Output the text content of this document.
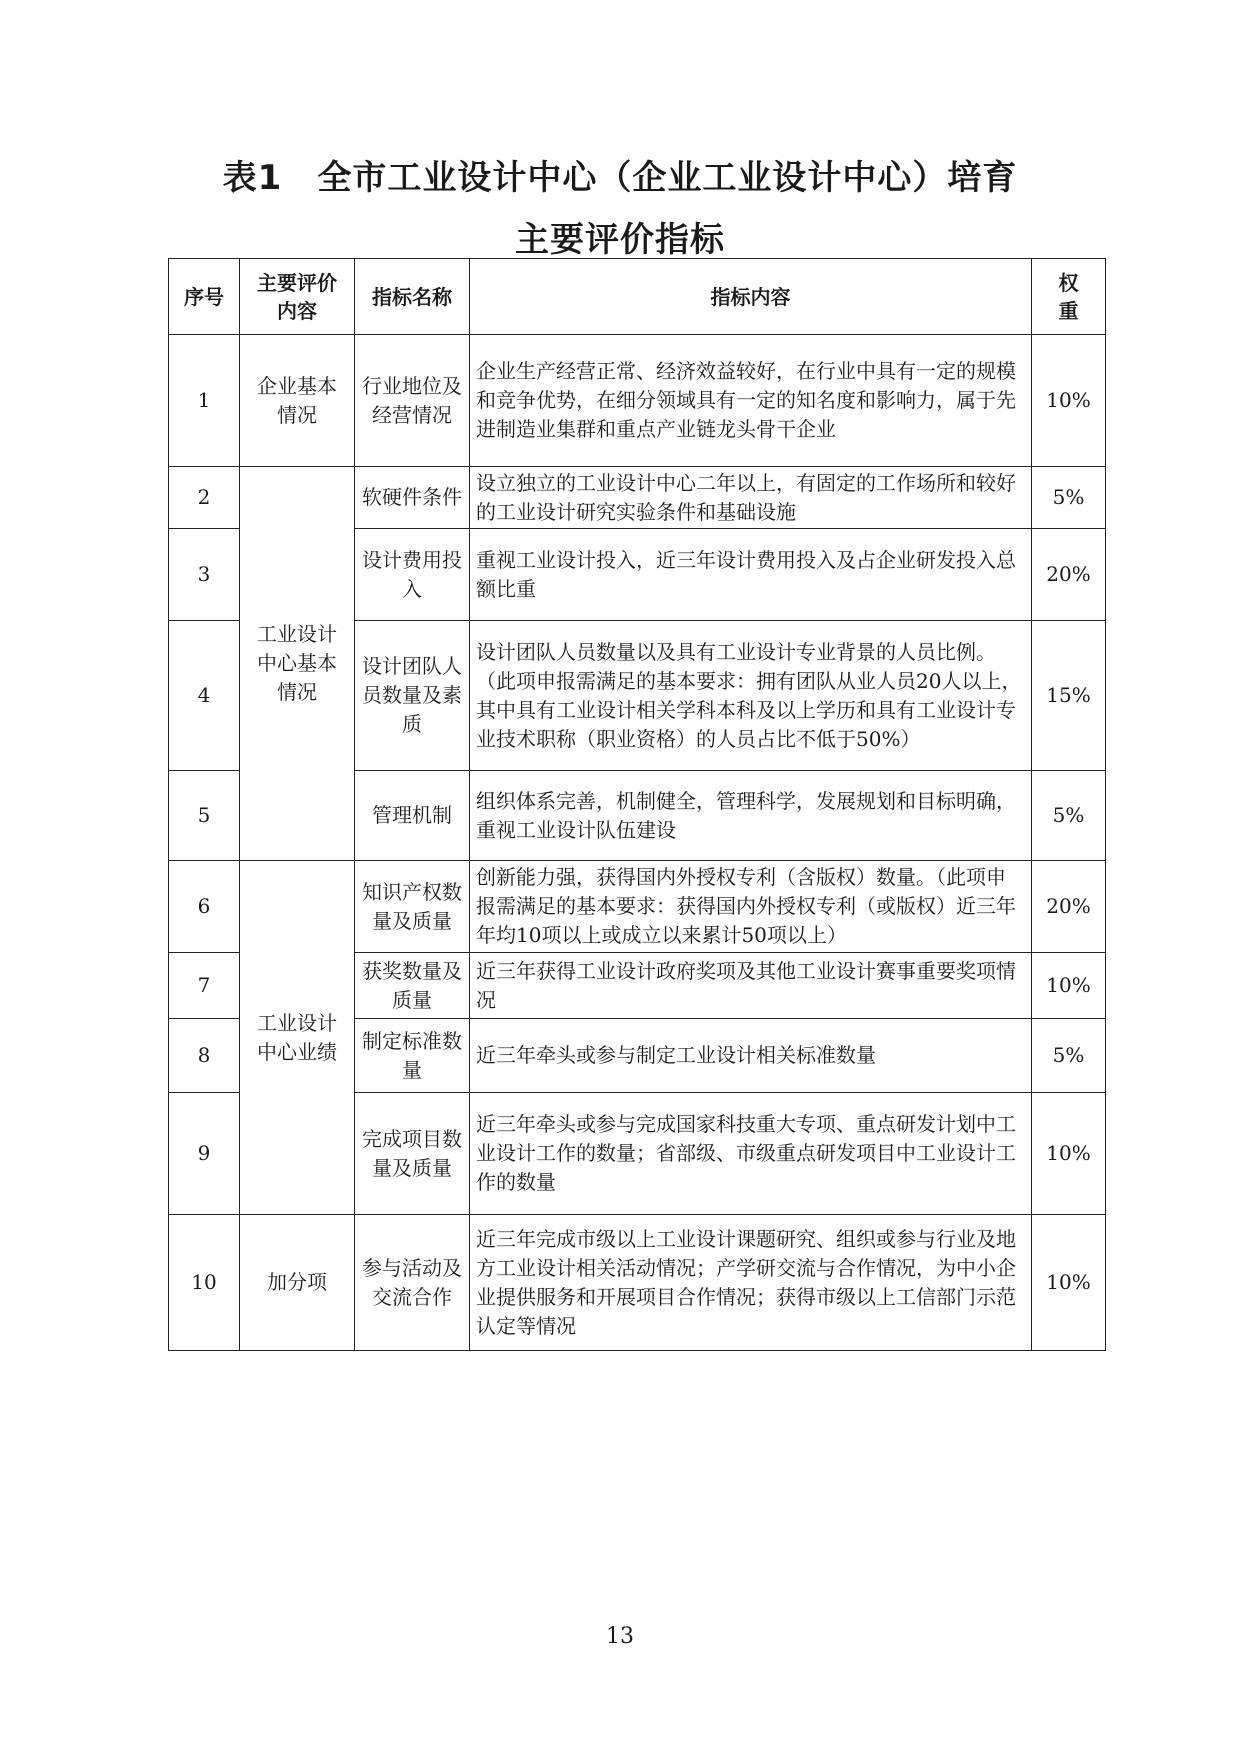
表1　全市工业设计中心（企业工业设计中心）培育
主要评价指标
序号	主要评价内容	指标名称	指标内容	权重
1	企业基本情况	行业地位及经营情况	企业生产经营正常、经济效益较好，在行业中具有一定的规模和竞争优势，在细分领域具有一定的知名度和影响力，属于先进制造业集群和重点产业链龙头骨干企业	10%
2	工业设计中心基本情况	软硬件条件	设立独立的工业设计中心二年以上，有固定的工作场所和较好的工业设计研究实验条件和基础设施	5%
3		设计费用投入	重视工业设计投入，近三年设计费用投入及占企业研发投入总额比重	20%
4		设计团队人员数量及素质	设计团队人员数量以及具有工业设计专业背景的人员比例。（此项申报需满足的基本要求：拥有团队从业人员20人以上，其中具有工业设计相关学科本科及以上学历和具有工业设计专业技术职称（职业资格）的人员占比不低于50%）	15%
5		管理机制	组织体系完善，机制健全，管理科学，发展规划和目标明确，重视工业设计队伍建设	5%
6	工业设计中心业绩	知识产权数量及质量	创新能力强，获得国内外授权专利（含版权）数量。（此项申报需满足的基本要求：获得国内外授权专利（或版权）近三年年均10项以上或成立以来累计50项以上）	20%
7		获奖数量及质量	近三年获得工业设计政府奖项及其他工业设计赛事重要奖项情况	10%
8		制定标准数量	近三年牵头或参与制定工业设计相关标准数量	5%
9		完成项目数量及质量	近三年牵头或参与完成国家科技重大专项、重点研发计划中工业设计工作的数量；省部级、市级重点研发项目中工业设计工作的数量	10%
10	加分项	参与活动及交流合作	近三年完成市级以上工业设计课题研究、组织或参与行业及地方工业设计相关活动情况；产学研交流与合作情况，为中小企业提供服务和开展项目合作情况；获得市级以上工信部门示范认定等情况	10%
13
